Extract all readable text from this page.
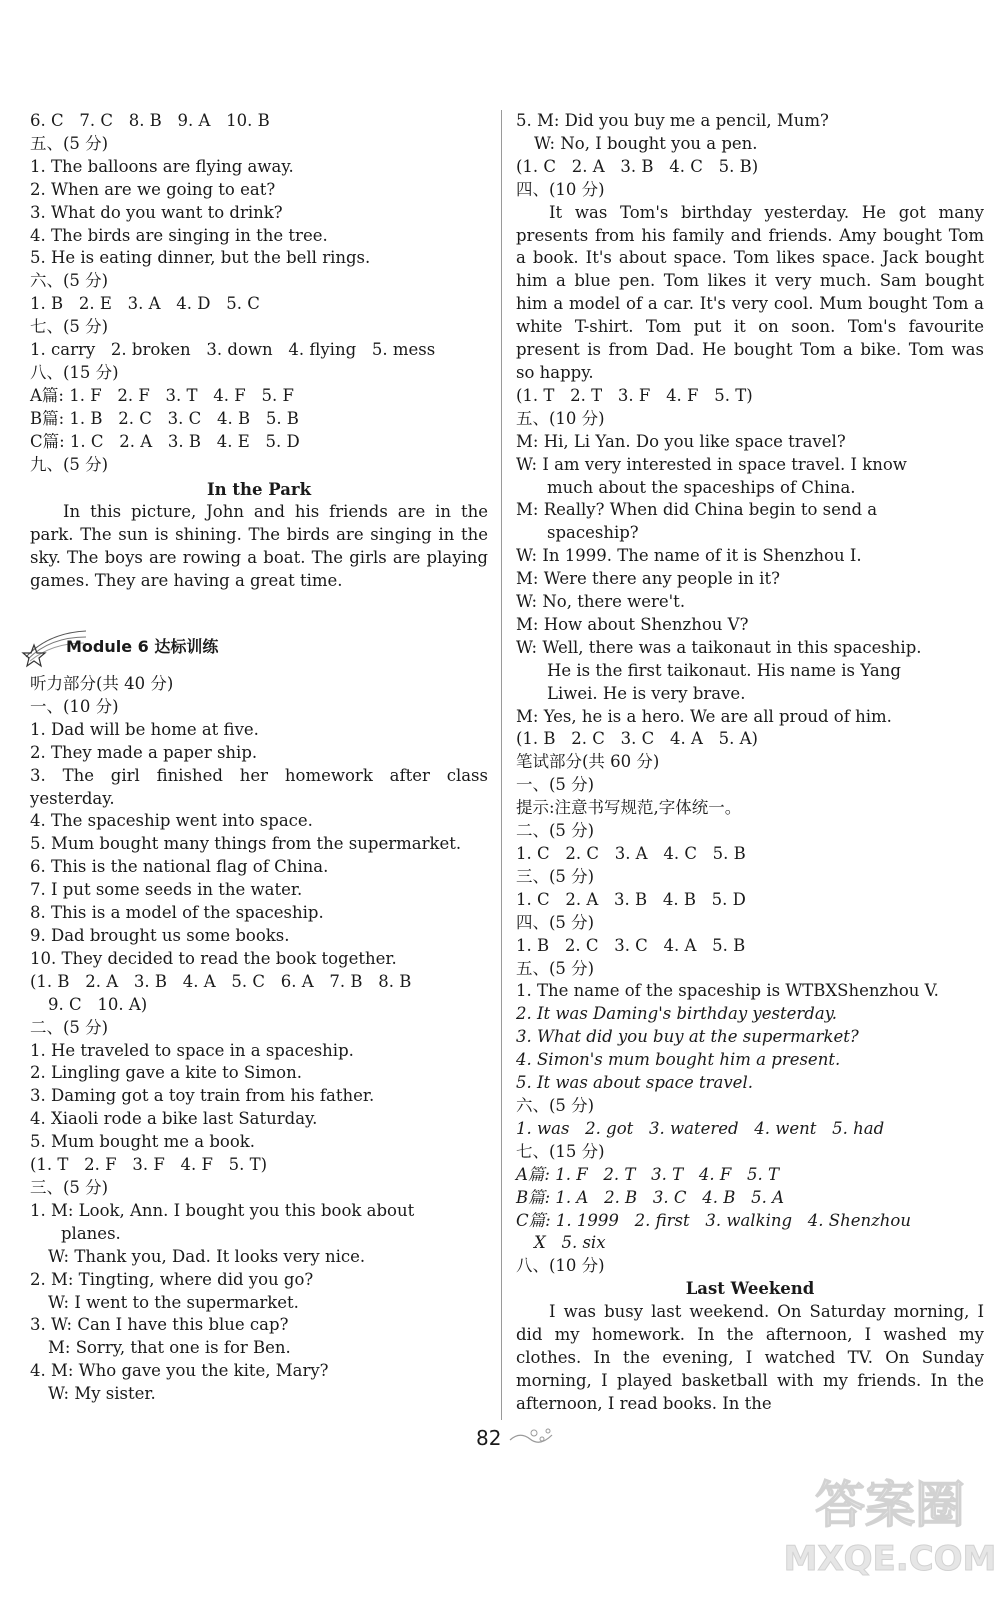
6. C   7. C   8. B   9. A   10. B
五、(5 分)
1. The balloons are flying away.
2. When are we going to eat?
3. What do you want to drink?
4. The birds are singing in the tree.
5. He is eating dinner, but the bell rings.
六、(5 分)
1. B   2. E   3. A   4. D   5. C
七、(5 分)
1. carry   2. broken   3. down   4. flying   5. mess
八、(15 分)
A篇: 1. F   2. F   3. T   4. F   5. F
B篇: 1. B   2. C   3. C   4. B   5. B
C篇: 1. C   2. A   3. B   4. E   5. D
九、(5 分)
In the Park
In this picture, John and his friends are in the park. The sun is shining. The birds are singing in the sky. The boys are rowing a boat. The girls are playing games. They are having a great time.
Module 6 达标训练
听力部分(共 40 分)
一、(10 分)
1. Dad will be home at five.
2. They made a paper ship.
3. The girl finished her homework after class yesterday.
4. The spaceship went into space.
5. Mum bought many things from the supermarket.
6. This is the national flag of China.
7. I put some seeds in the water.
8. This is a model of the spaceship.
9. Dad brought us some books.
10. They decided to read the book together.
(1. B   2. A   3. B   4. A   5. C   6. A   7. B   8. B
9. C   10. A)
二、(5 分)
1. He traveled to space in a spaceship.
2. Lingling gave a kite to Simon.
3. Daming got a toy train from his father.
4. Xiaoli rode a bike last Saturday.
5. Mum bought me a book.
(1. T   2. F   3. F   4. F   5. T)
三、(5 分)
1. M: Look, Ann. I bought you this book about
planes.
W: Thank you, Dad. It looks very nice.
2. M: Tingting, where did you go?
W: I went to the supermarket.
3. W: Can I have this blue cap?
M: Sorry, that one is for Ben.
4. M: Who gave you the kite, Mary?
W: My sister.
5. M: Did you buy me a pencil, Mum?
W: No, I bought you a pen.
(1. C   2. A   3. B   4. C   5. B)
四、(10 分)
It was Tom's birthday yesterday. He got many presents from his family and friends. Amy bought Tom a book. It's about space. Tom likes space. Jack bought him a blue pen. Tom likes it very much. Sam bought him a model of a car. It's very cool. Mum bought Tom a white T-shirt. Tom put it on soon. Tom's favourite present is from Dad. He bought Tom a bike. Tom was so happy.
(1. T   2. T   3. F   4. F   5. T)
五、(10 分)
M: Hi, Li Yan. Do you like space travel?
W: I am very interested in space travel. I know
much about the spaceships of China.
M: Really? When did China begin to send a
spaceship?
W: In 1999. The name of it is Shenzhou I.
M: Were there any people in it?
W: No, there were't.
M: How about Shenzhou V?
W: Well, there was a taikonaut in this spaceship.
He is the first taikonaut. His name is Yang
Liwei. He is very brave.
M: Yes, he is a hero. We are all proud of him.
(1. B   2. C   3. C   4. A   5. A)
笔试部分(共 60 分)
一、(5 分)
提示:注意书写规范,字体统一。
二、(5 分)
1. C   2. C   3. A   4. C   5. B
三、(5 分)
1. C   2. A   3. B   4. B   5. D
四、(5 分)
1. B   2. C   3. C   4. A   5. B
五、(5 分)
1. The name of the spaceship is WTBXShenzhou V.
2. It was Daming's birthday yesterday.
3. What did you buy at the supermarket?
4. Simon's mum bought him a present.
5. It was about space travel.
六、(5 分)
1. was   2. got   3. watered   4. went   5. had
七、(15 分)
A篇: 1. F   2. T   3. T   4. F   5. T
B篇: 1. A   2. B   3. C   4. B   5. A
C篇: 1. 1999   2. first   3. walking   4. Shenzhou
X   5. six
八、(10 分)
Last Weekend
I was busy last weekend. On Saturday morning, I did my homework. In the afternoon, I washed my clothes. In the evening, I watched TV. On Sunday morning, I played basketball with my friends. In the afternoon, I read books. In the
82
答案圈
MXQE.COM
